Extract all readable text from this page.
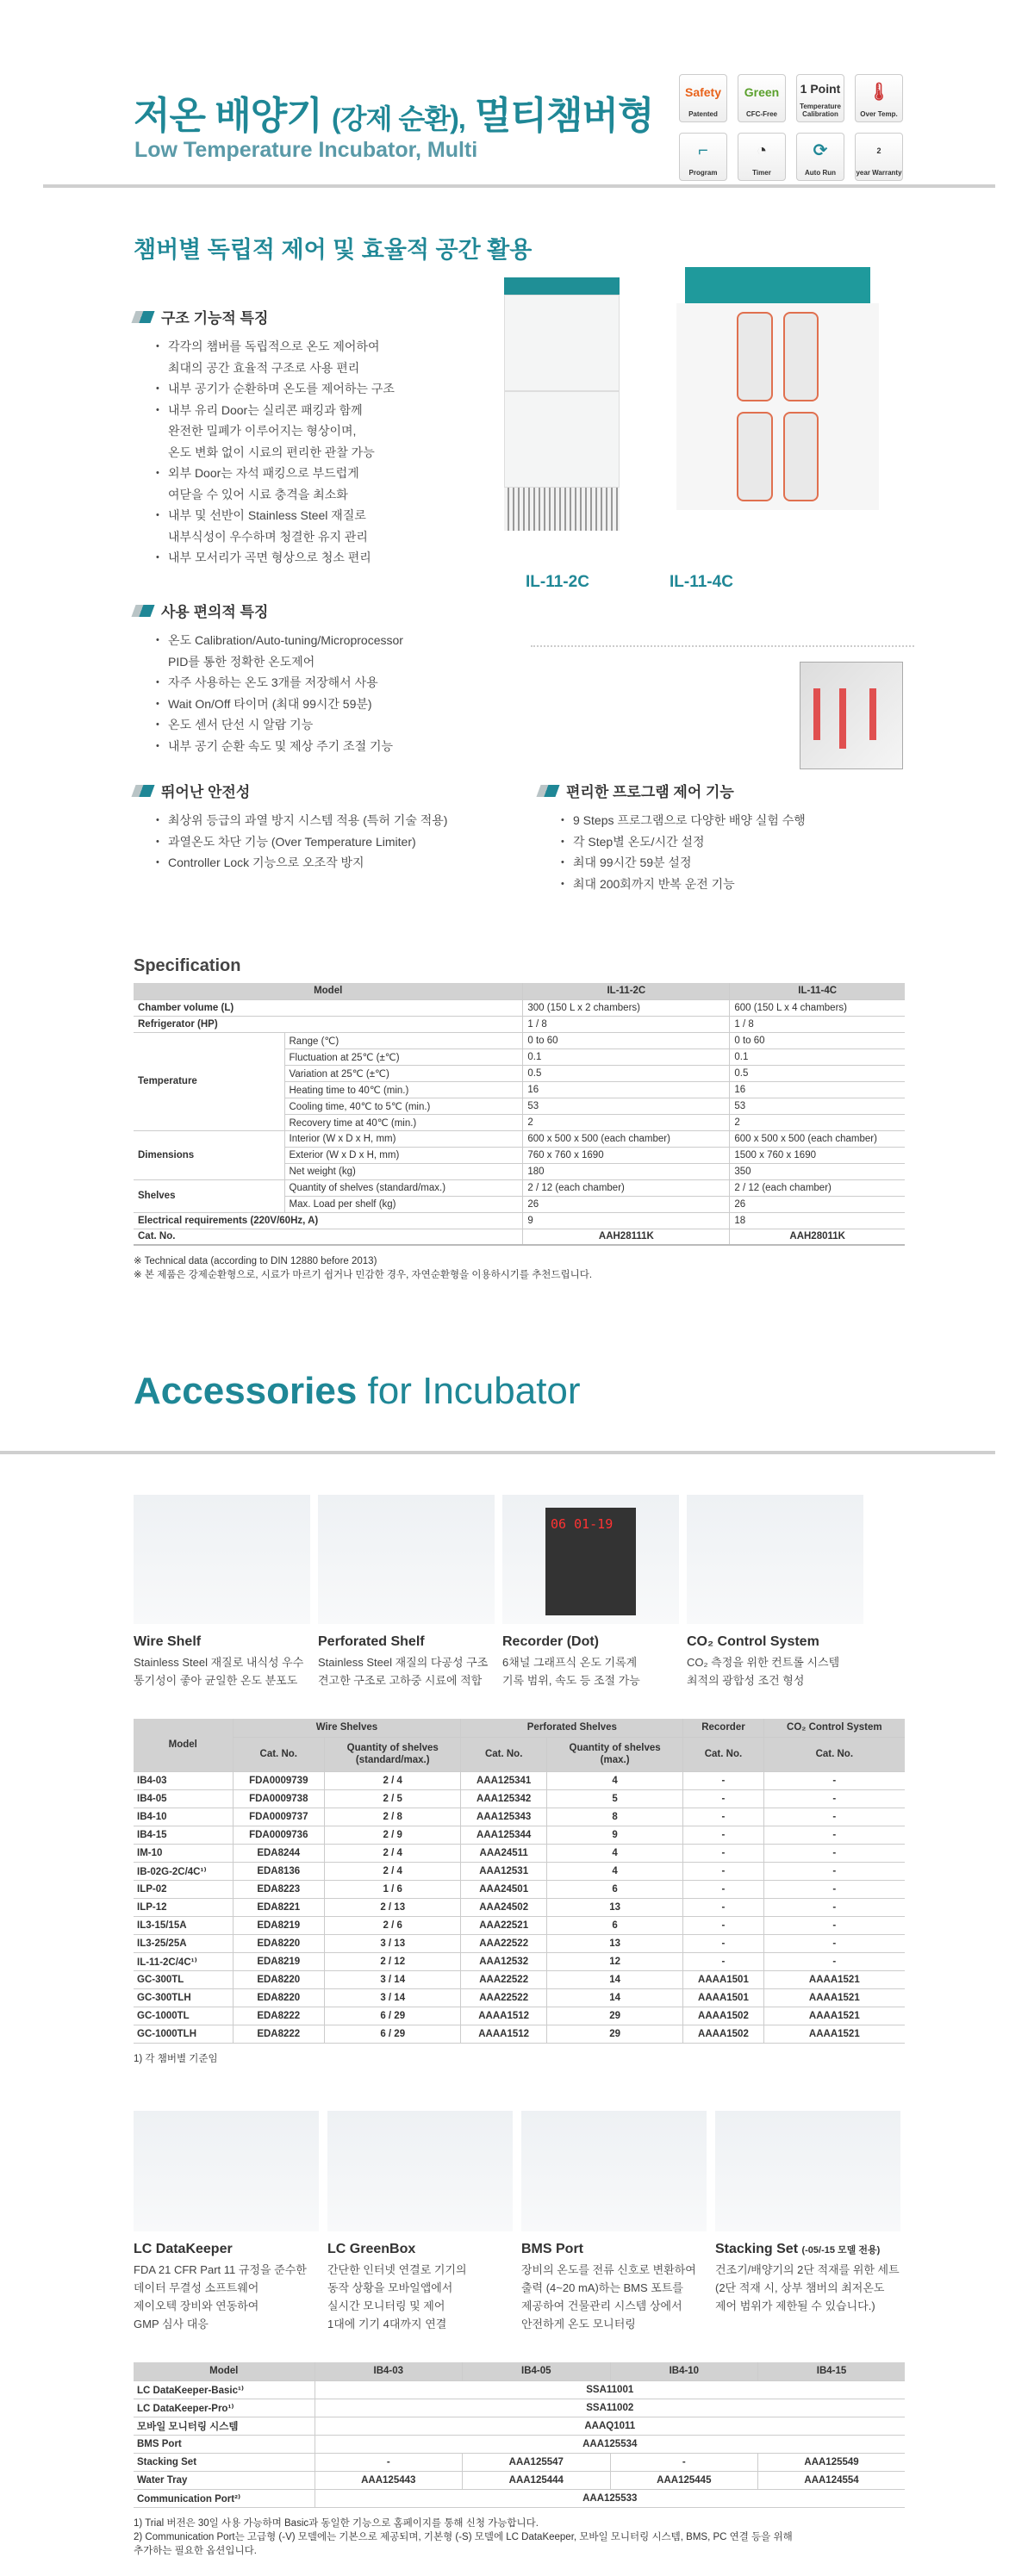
저온 배양기 (강제 순환), 멀티챔버형
Low Temperature Incubator, Multi
Safety
Patented
Green
CFC-Free
1 Point
Temperature Calibration
🌡
Over Temp.
⌐
Program
◔
Timer
⟳
Auto Run
2
year Warranty
챔버별 독립적 제어 및 효율적 공간 활용
IL-11-2C	IL-11-4C
구조 기능적 특징
• 각각의 챔버를 독립적으로 온도 제어하여
최대의 공간 효율적 구조로 사용 편리
• 내부 공기가 순환하며 온도를 제어하는 구조
• 내부 유리 Door는 실리콘 패킹과 함께
완전한 밀폐가 이루어지는 형상이며,
온도 변화 없이 시료의 편리한 관찰 가능
• 외부 Door는 자석 패킹으로 부드럽게
여닫을 수 있어 시료 충격을 최소화
• 내부 및 선반이 Stainless Steel 재질로
내부식성이 우수하며 청결한 유지 관리
• 내부 모서리가 곡면 형상으로 청소 편리
사용 편의적 특징
• 온도 Calibration/Auto-tuning/Microprocessor
PID를 통한 정확한 온도제어
• 자주 사용하는 온도 3개를 저장해서 사용
• Wait On/Off 타이머 (최대 99시간 59분)
• 온도 센서 단선 시 알람 기능
• 내부 공기 순환 속도 및 제상 주기 조절 기능
뛰어난 안전성
• 최상위 등급의 과열 방지 시스템 적용 (특허 기술 적용)
• 과열온도 차단 기능 (Over Temperature Limiter)
• Controller Lock 기능으로 오조작 방지
편리한 프로그램 제어 기능
• 9 Steps 프로그램으로 다양한 배양 실험 수행
• 각 Step별 온도/시간 설정
• 최대 99시간 59분 설정
• 최대 200회까지 반복 운전 기능
Specification
Model		IL-11-2C	IL-11-4C
Chamber volume (L)		300 (150 L x 2 chambers)	600 (150 L x 4 chambers)
Refrigerator (HP)		1 / 8	1 / 8
Temperature	Range (℃)	0 to 60	0 to 60
	Fluctuation at 25℃ (±℃)	0.1	0.1
	Variation at 25℃ (±℃)	0.5	0.5
	Heating time to 40℃ (min.)	16	16
	Cooling time, 40℃ to 5℃ (min.)	53	53
	Recovery time at 40℃ (min.)	2	2
Dimensions	Interior (W x D x H, mm)	600 x 500 x 500 (each chamber)	600 x 500 x 500 (each chamber)
	Exterior (W x D x H, mm)	760 x 760 x 1690	1500 x 760 x 1690
	Net weight (kg)	180	350
Shelves	Quantity of shelves (standard/max.)	2 / 12 (each chamber)	2 / 12 (each chamber)
	Max. Load per shelf (kg)	26	26
Electrical requirements (220V/60Hz, A)		9	18
Cat. No.		AAH28111K	AAH28011K
※ Technical data (according to DIN 12880 before 2013)
※ 본 제품은 강제순환형으로, 시료가 마르기 쉽거나 민감한 경우, 자연순환형을 이용하시기를 추천드립니다.
Accessories for Incubator
Wire Shelf

Stainless Steel 재질로 내식성 우수
통기성이 좋아 균일한 온도 분포도

Perforated Shelf

Stainless Steel 재질의 다공성 구조
견고한 구조로 고하중 시료에 적합

06 01-19
Recorder (Dot)

6채널 그래프식 온도 기록계
기록 범위, 속도 등 조절 가능

CO₂ Control System

CO₂ 측정을 위한 컨트롤 시스템
최적의 광합성 조건 형성

Model	Wire Shelves		Perforated Shelves		Recorder	CO₂ Control System
	Cat. No.	Quantity of shelves
(standard/max.)	Cat. No.	Quantity of shelves
(max.)	Cat. No.	Cat. No.
IB4-03	FDA0009739	2 / 4	AAA125341	4	-	-
IB4-05	FDA0009738	2 / 5	AAA125342	5	-	-
IB4-10	FDA0009737	2 / 8	AAA125343	8	-	-
IB4-15	FDA0009736	2 / 9	AAA125344	9	-	-
IM-10	EDA8244	2 / 4	AAA24511	4	-	-
IB-02G-2C/4C¹⁾	EDA8136	2 / 4	AAA12531	4	-	-
ILP-02	EDA8223	1 / 6	AAA24501	6	-	-
ILP-12	EDA8221	2 / 13	AAA24502	13	-	-
IL3-15/15A	EDA8219	2 / 6	AAA22521	6	-	-
IL3-25/25A	EDA8220	3 / 13	AAA22522	13	-	-
IL-11-2C/4C¹⁾	EDA8219	2 / 12	AAA12532	12	-	-
GC-300TL	EDA8220	3 / 14	AAA22522	14	AAAA1501	AAAA1521
GC-300TLH	EDA8220	3 / 14	AAA22522	14	AAAA1501	AAAA1521
GC-1000TL	EDA8222	6 / 29	AAAA1512	29	AAAA1502	AAAA1521
GC-1000TLH	EDA8222	6 / 29	AAAA1512	29	AAAA1502	AAAA1521
1) 각 챔버별 기준임
LC DataKeeper

FDA 21 CFR Part 11 규정을 준수한
데이터 무결성 소프트웨어
제이오텍 장비와 연동하여
GMP 심사 대응

LC GreenBox

간단한 인터넷 연결로 기기의
동작 상황을 모바일앱에서
실시간 모니터링 및 제어
1대에 기기 4대까지 연결

BMS Port

장비의 온도를 전류 신호로 변환하여
출력 (4~20 mA)하는 BMS 포트를
제공하여 건물관리 시스템 상에서
안전하게 온도 모니터링

Stacking Set (-05/-15 모델 전용)

건조기/배양기의 2단 적재를 위한 세트
(2단 적재 시, 상부 챔버의 최저온도
제어 범위가 제한될 수 있습니다.)

Model	IB4-03	IB4-05	IB4-10	IB4-15
LC DataKeeper-Basic¹⁾	SSA11001			
LC DataKeeper-Pro¹⁾	SSA11002			
모바일 모니터링 시스템	AAAQ1011			
BMS Port	AAA125534			
Stacking Set	-	AAA125547	-	AAA125549
Water Tray	AAA125443	AAA125444	AAA125445	AAA124554
Communication Port²⁾	AAA125533			
1) Trial 버전은 30일 사용 가능하며 Basic과 동일한 기능으로 홈페이지를 통해 신청 가능합니다.
2) Communication Port는 고급형 (-V) 모델에는 기본으로 제공되며, 기본형 (-S) 모델에 LC DataKeeper, 모바일 모니터링 시스템, BMS, PC 연결 등을 위해
추가하는 필요한 옵션입니다.
